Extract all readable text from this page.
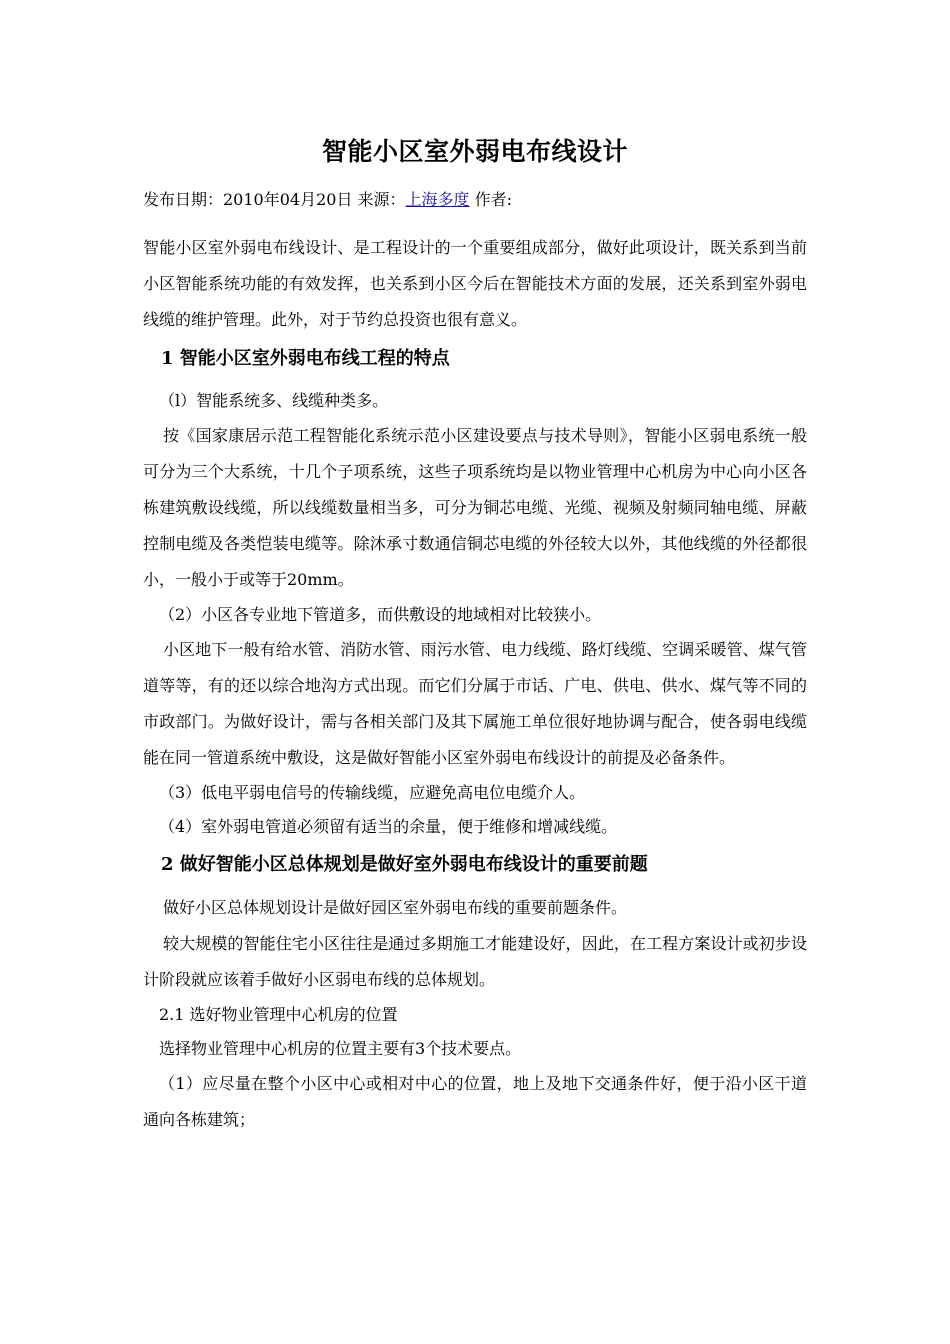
智能小区室外弱电布线设计
发布日期：2010年04月20日 来源：上海多度 作者:

智能小区室外弱电布线设计、是工程设计的一个重要组成部分，做好此项设计，既关系到当前小区智能系统功能的有效发挥，也关系到小区今后在智能技术方面的发展，还关系到室外弱电线缆的维护管理。此外，对于节约总投资也很有意义。

1 智能小区室外弱电布线工程的特点

（l）智能系统多、线缆种类多。

按《国家康居示范工程智能化系统示范小区建设要点与技术导则》，智能小区弱电系统一般可分为三个大系统，十几个子项系统，这些子项系统均是以物业管理中心机房为中心向小区各栋建筑敷设线缆，所以线缆数量相当多，可分为铜芯电缆、光缆、视频及射频同轴电缆、屏蔽控制电缆及各类恺装电缆等。除沐承寸数通信铜芯电缆的外径较大以外，其他线缆的外径都很小，一般小于或等于20mm。

（2）小区各专业地下管道多，而供敷设的地域相对比较狭小。

小区地下一般有给水管、消防水管、雨污水管、电力线缆、路灯线缆、空调采暖管、煤气管道等等，有的还以综合地沟方式出现。而它们分属于市话、广电、供电、供水、煤气等不同的市政部门。为做好设计，需与各相关部门及其下属施工单位很好地协调与配合，使各弱电线缆能在同一管道系统中敷设，这是做好智能小区室外弱电布线设计的前提及必备条件。

（3）低电平弱电信号的传输线缆，应避免高电位电缆介人。

（4）室外弱电管道必须留有适当的余量，便于维修和增减线缆。

2 做好智能小区总体规划是做好室外弱电布线设计的重要前题

做好小区总体规划设计是做好园区室外弱电布线的重要前题条件。

较大规模的智能住宅小区往往是通过多期施工才能建设好，因此，在工程方案设计或初步设计阶段就应该着手做好小区弱电布线的总体规划。

2.1 选好物业管理中心机房的位置

选择物业管理中心机房的位置主要有3个技术要点。

（1）应尽量在整个小区中心或相对中心的位置，地上及地下交通条件好，便于沿小区干道通向各栋建筑；
